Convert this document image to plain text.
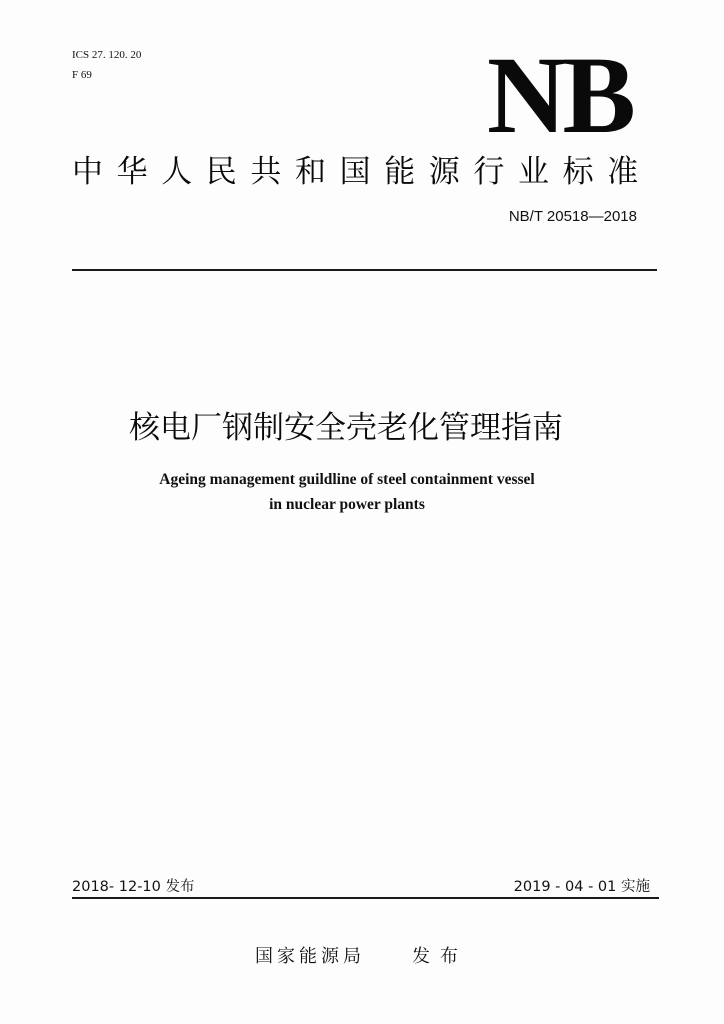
ICS 27. 120. 20
F 69	NB
中华人民共和国能源行业标准
NB/T 20518—2018
核电厂钢制安全壳老化管理指南
Ageing management guildline of steel containment vessel
in nuclear power plants
2018- 12-10 发布	2019 - 04 - 01 实施
国家能源局	发布
